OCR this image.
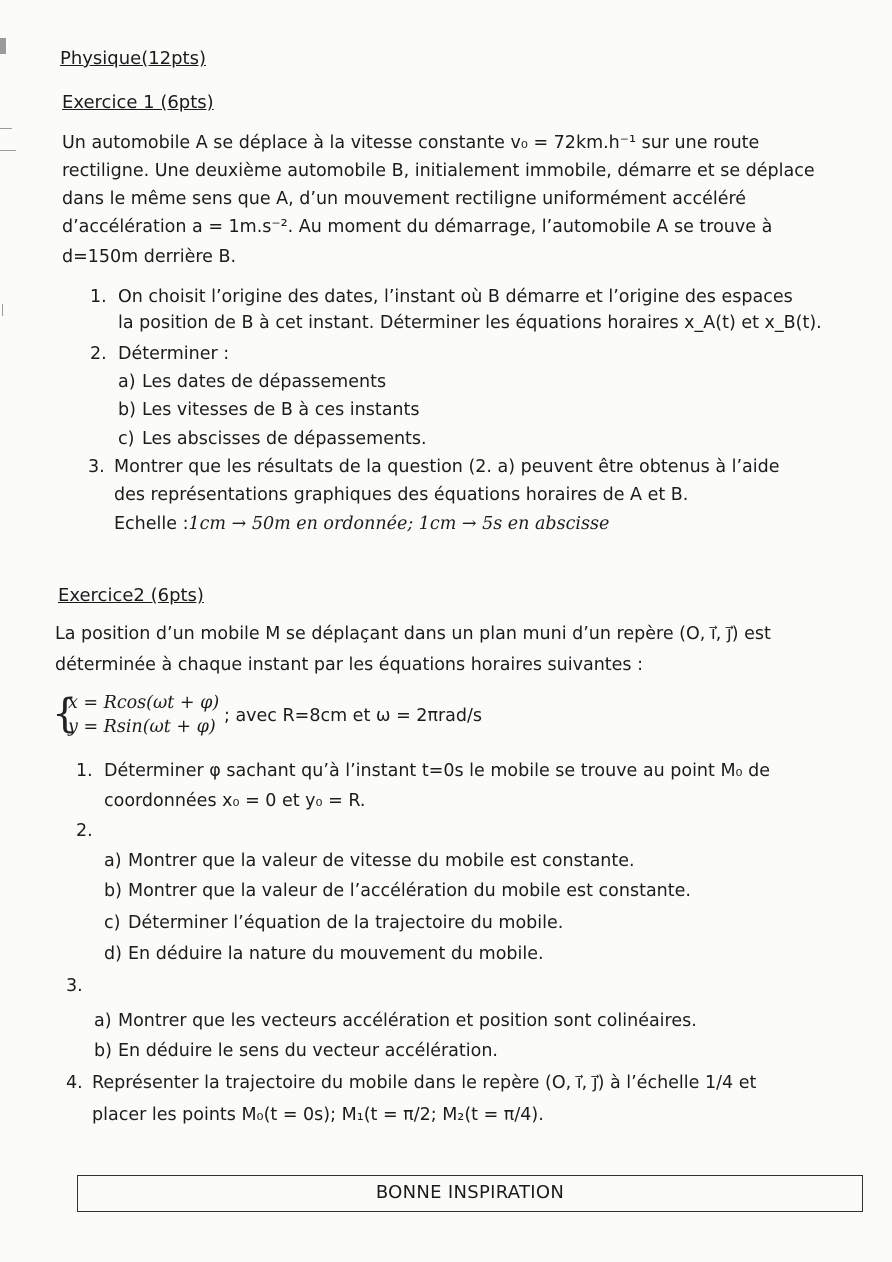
Physique(12pts)
Exercice 1 (6pts)
Un automobile A se déplace à la vitesse constante v₀ = 72km.h⁻¹ sur une route
rectiligne. Une deuxième automobile B, initialement immobile, démarre et se déplace
dans le même sens que A, d’un mouvement rectiligne uniformément accéléré
d’accélération a = 1m.s⁻². Au moment du démarrage, l’automobile A se trouve à
d=150m derrière B.
1. On choisit l’origine des dates, l’instant où B démarre et l’origine des espaces
la position de B à cet instant. Déterminer les équations horaires x_A(t) et x_B(t).
2. Déterminer :
a) Les dates de dépassements
b) Les vitesses de B à ces instants
c) Les abscisses de dépassements.
3. Montrer que les résultats de la question (2. a) peuvent être obtenus à l’aide
des représentations graphiques des équations horaires de A et B.
Echelle :1cm → 50m en ordonnée; 1cm → 5s en abscisse
Exercice2 (6pts)
La position d’un mobile M se déplaçant dans un plan muni d’un repère (O, i⃗, j⃗) est
déterminée à chaque instant par les équations horaires suivantes :
{
x = Rcos(ωt + φ)
y = Rsin(ωt + φ)
; avec R=8cm et ω = 2πrad/s
1. Déterminer φ sachant qu’à l’instant t=0s le mobile se trouve au point M₀ de
coordonnées x₀ = 0 et y₀ = R.
2.
a) Montrer que la valeur de vitesse du mobile est constante.
b) Montrer que la valeur de l’accélération du mobile est constante.
c) Déterminer l’équation de la trajectoire du mobile.
d) En déduire la nature du mouvement du mobile.
3.
a) Montrer que les vecteurs accélération et position sont colinéaires.
b) En déduire le sens du vecteur accélération.
4. Représenter la trajectoire du mobile dans le repère (O, i⃗, j⃗) à l’échelle 1/4 et
placer les points M₀(t = 0s); M₁(t = π/2; M₂(t = π/4).
BONNE INSPIRATION
